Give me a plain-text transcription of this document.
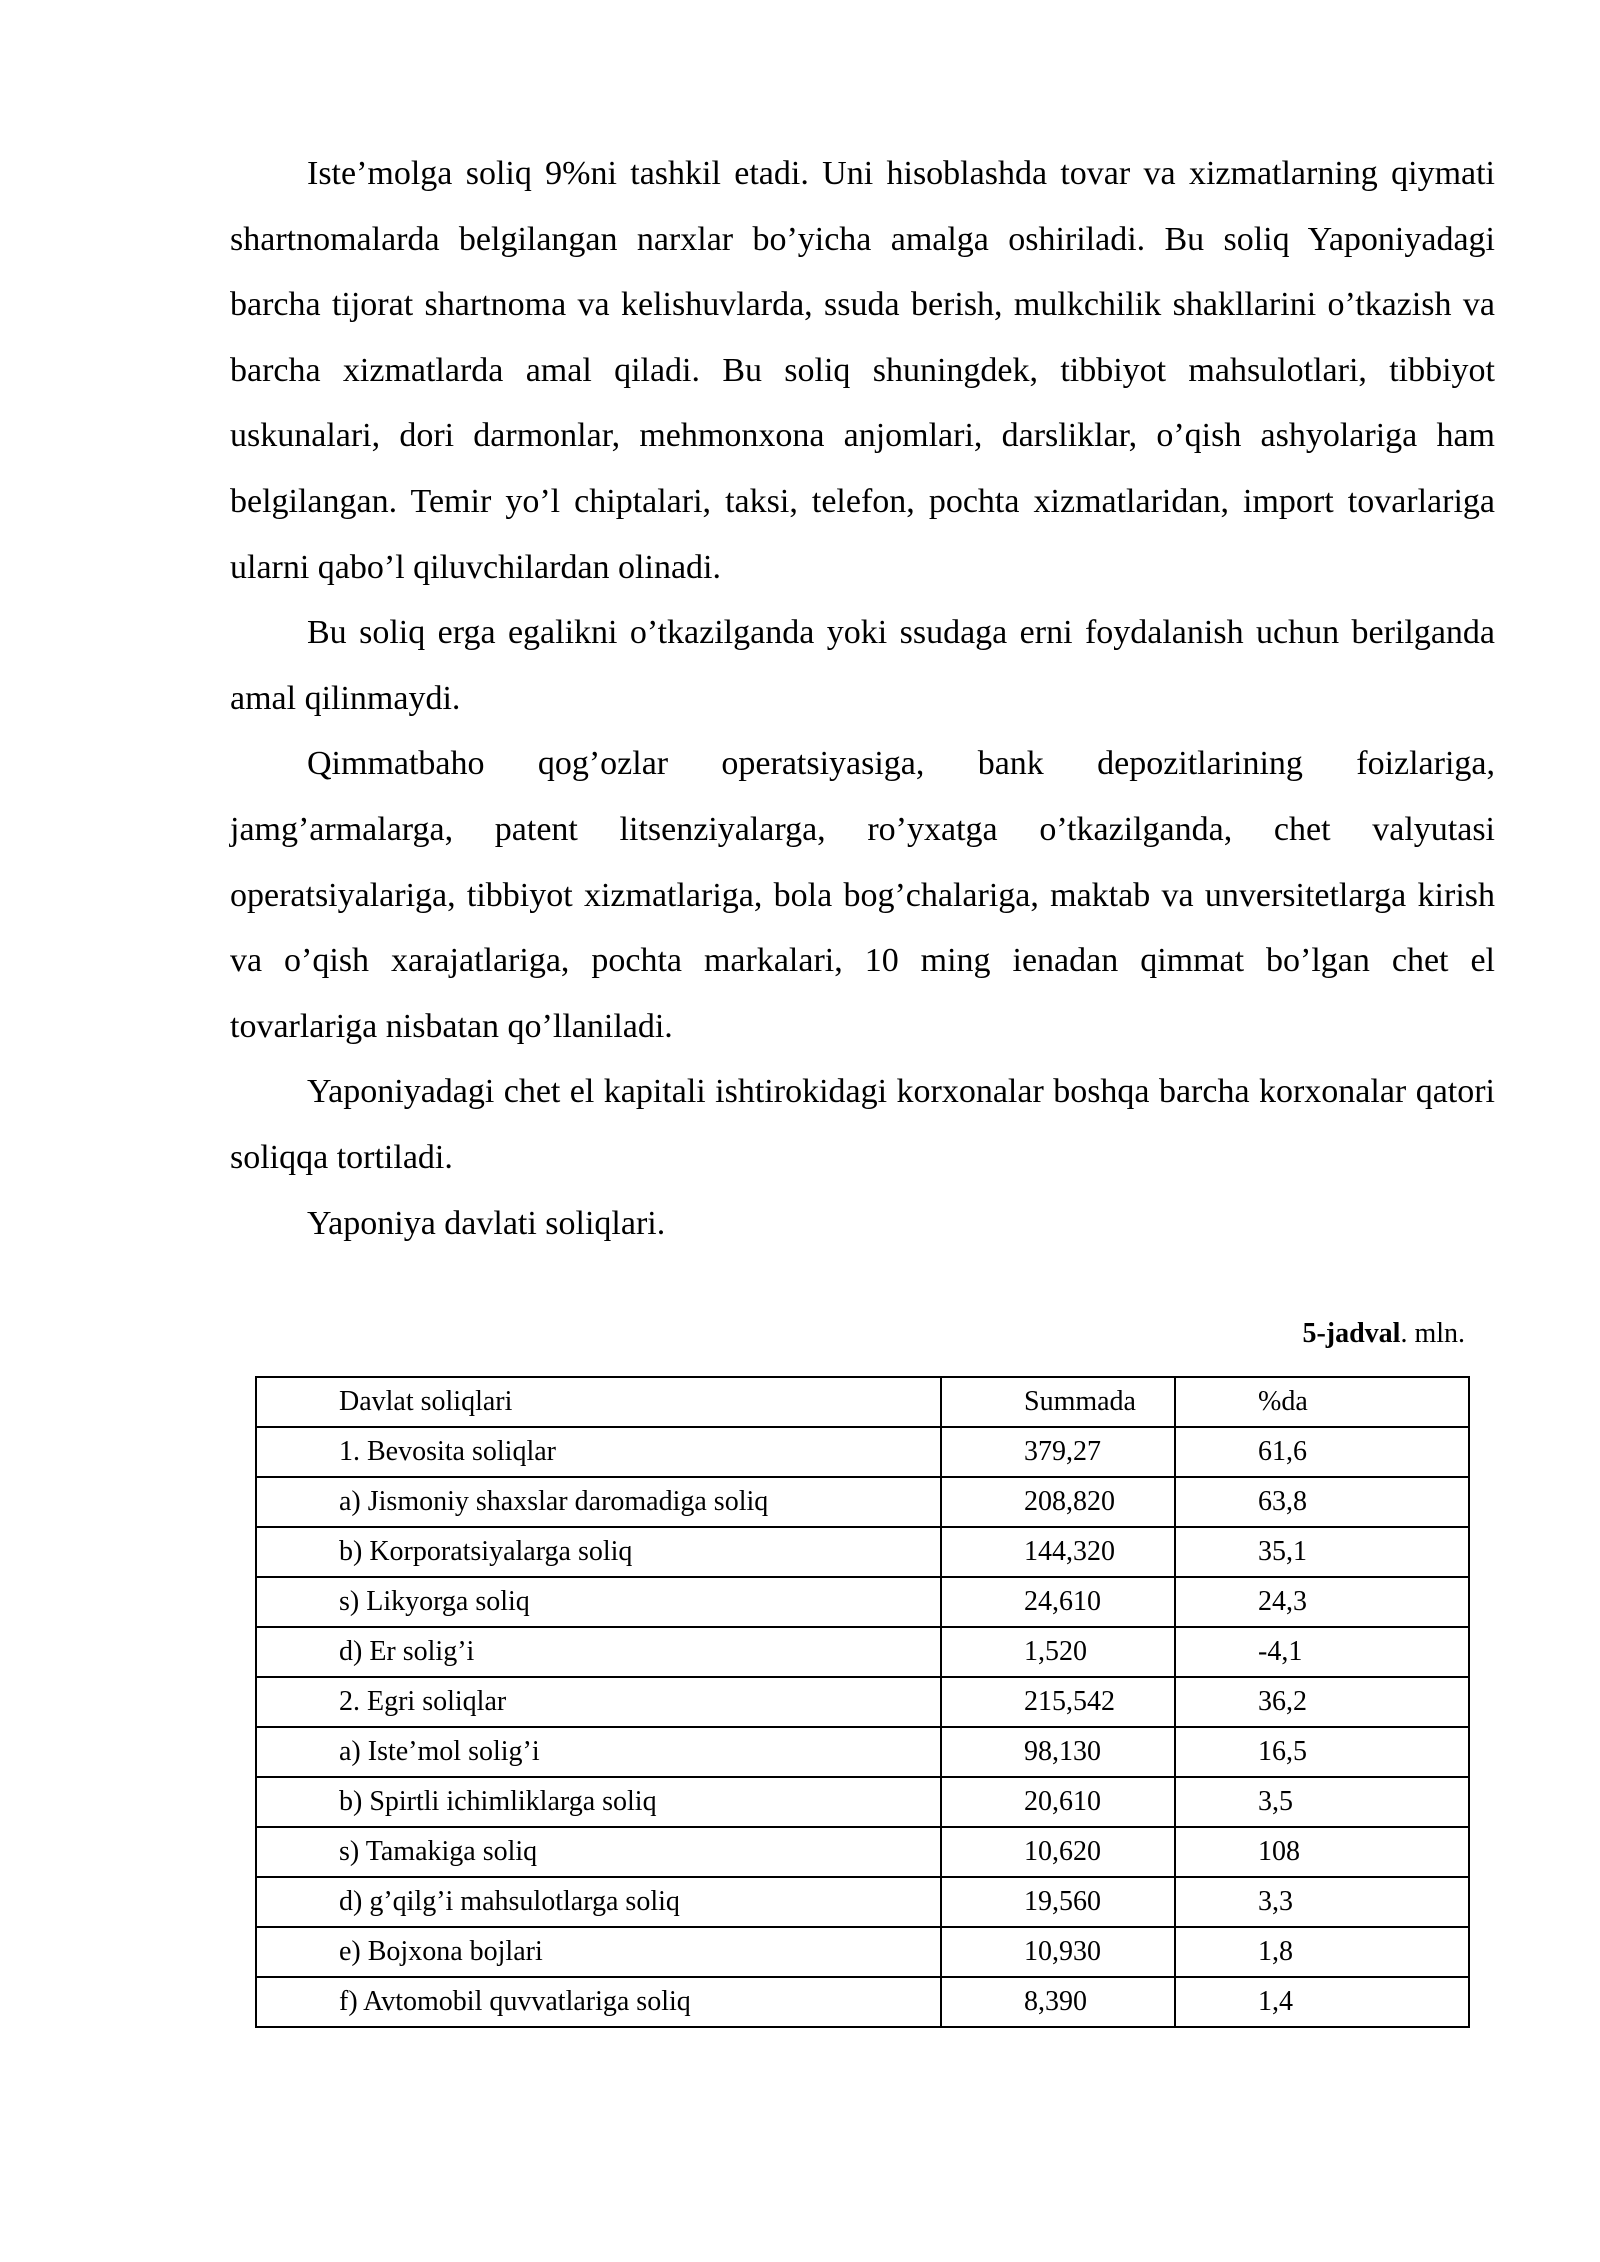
Iste’molga soliq 9%ni tashkil etadi. Uni hisoblashda tovar va xizmatlarning qiymati shartnomalarda belgilangan narxlar bo’yicha amalga oshiriladi. Bu soliq Yaponiyadagi barcha tijorat shartnoma va kelishuvlarda, ssuda berish, mulkchilik shakllarini o’tkazish va barcha xizmatlarda amal qiladi. Bu soliq shuningdek, tibbiyot mahsulotlari, tibbiyot uskunalari, dori darmonlar, mehmonxona anjomlari, darsliklar, o’qish ashyolariga ham belgilangan. Temir yo’l chiptalari, taksi, telefon, pochta xizmatlaridan, import tovarlariga ularni qabo’l qiluvchilardan olinadi.

Bu soliq erga egalikni o’tkazilganda yoki ssudaga erni foydalanish uchun berilganda amal qilinmaydi.

Qimmatbaho qog’ozlar operatsiyasiga, bank depozitlarining foizlariga, jamg’armalarga, patent litsenziyalarga, ro’yxatga o’tkazilganda, chet valyutasi operatsiyalariga, tibbiyot xizmatlariga, bola bog’chalariga, maktab va unversitetlarga kirish va o’qish xarajatlariga, pochta markalari, 10 ming ienadan qimmat bo’lgan chet el tovarlariga nisbatan qo’llaniladi.

Yaponiyadagi chet el kapitali ishtirokidagi korxonalar boshqa barcha korxonalar qatori soliqqa tortiladi.

Yaponiya davlati soliqlari.

5-jadval. mln.
Davlat soliqlari	Summada	%da
1. Bevosita soliqlar	379,27	61,6
a) Jismoniy shaxslar daromadiga soliq	208,820	63,8
b) Korporatsiyalarga soliq	144,320	35,1
s) Likyorga soliq	24,610	24,3
d) Er solig’i	1,520	-4,1
2. Egri soliqlar	215,542	36,2
a) Iste’mol solig’i	98,130	16,5
b) Spirtli ichimliklarga soliq	20,610	3,5
s) Tamakiga soliq	10,620	108
d) g’qilg’i mahsulotlarga soliq	19,560	3,3
e) Bojxona bojlari	10,930	1,8
f) Avtomobil quvvatlariga soliq	8,390	1,4
